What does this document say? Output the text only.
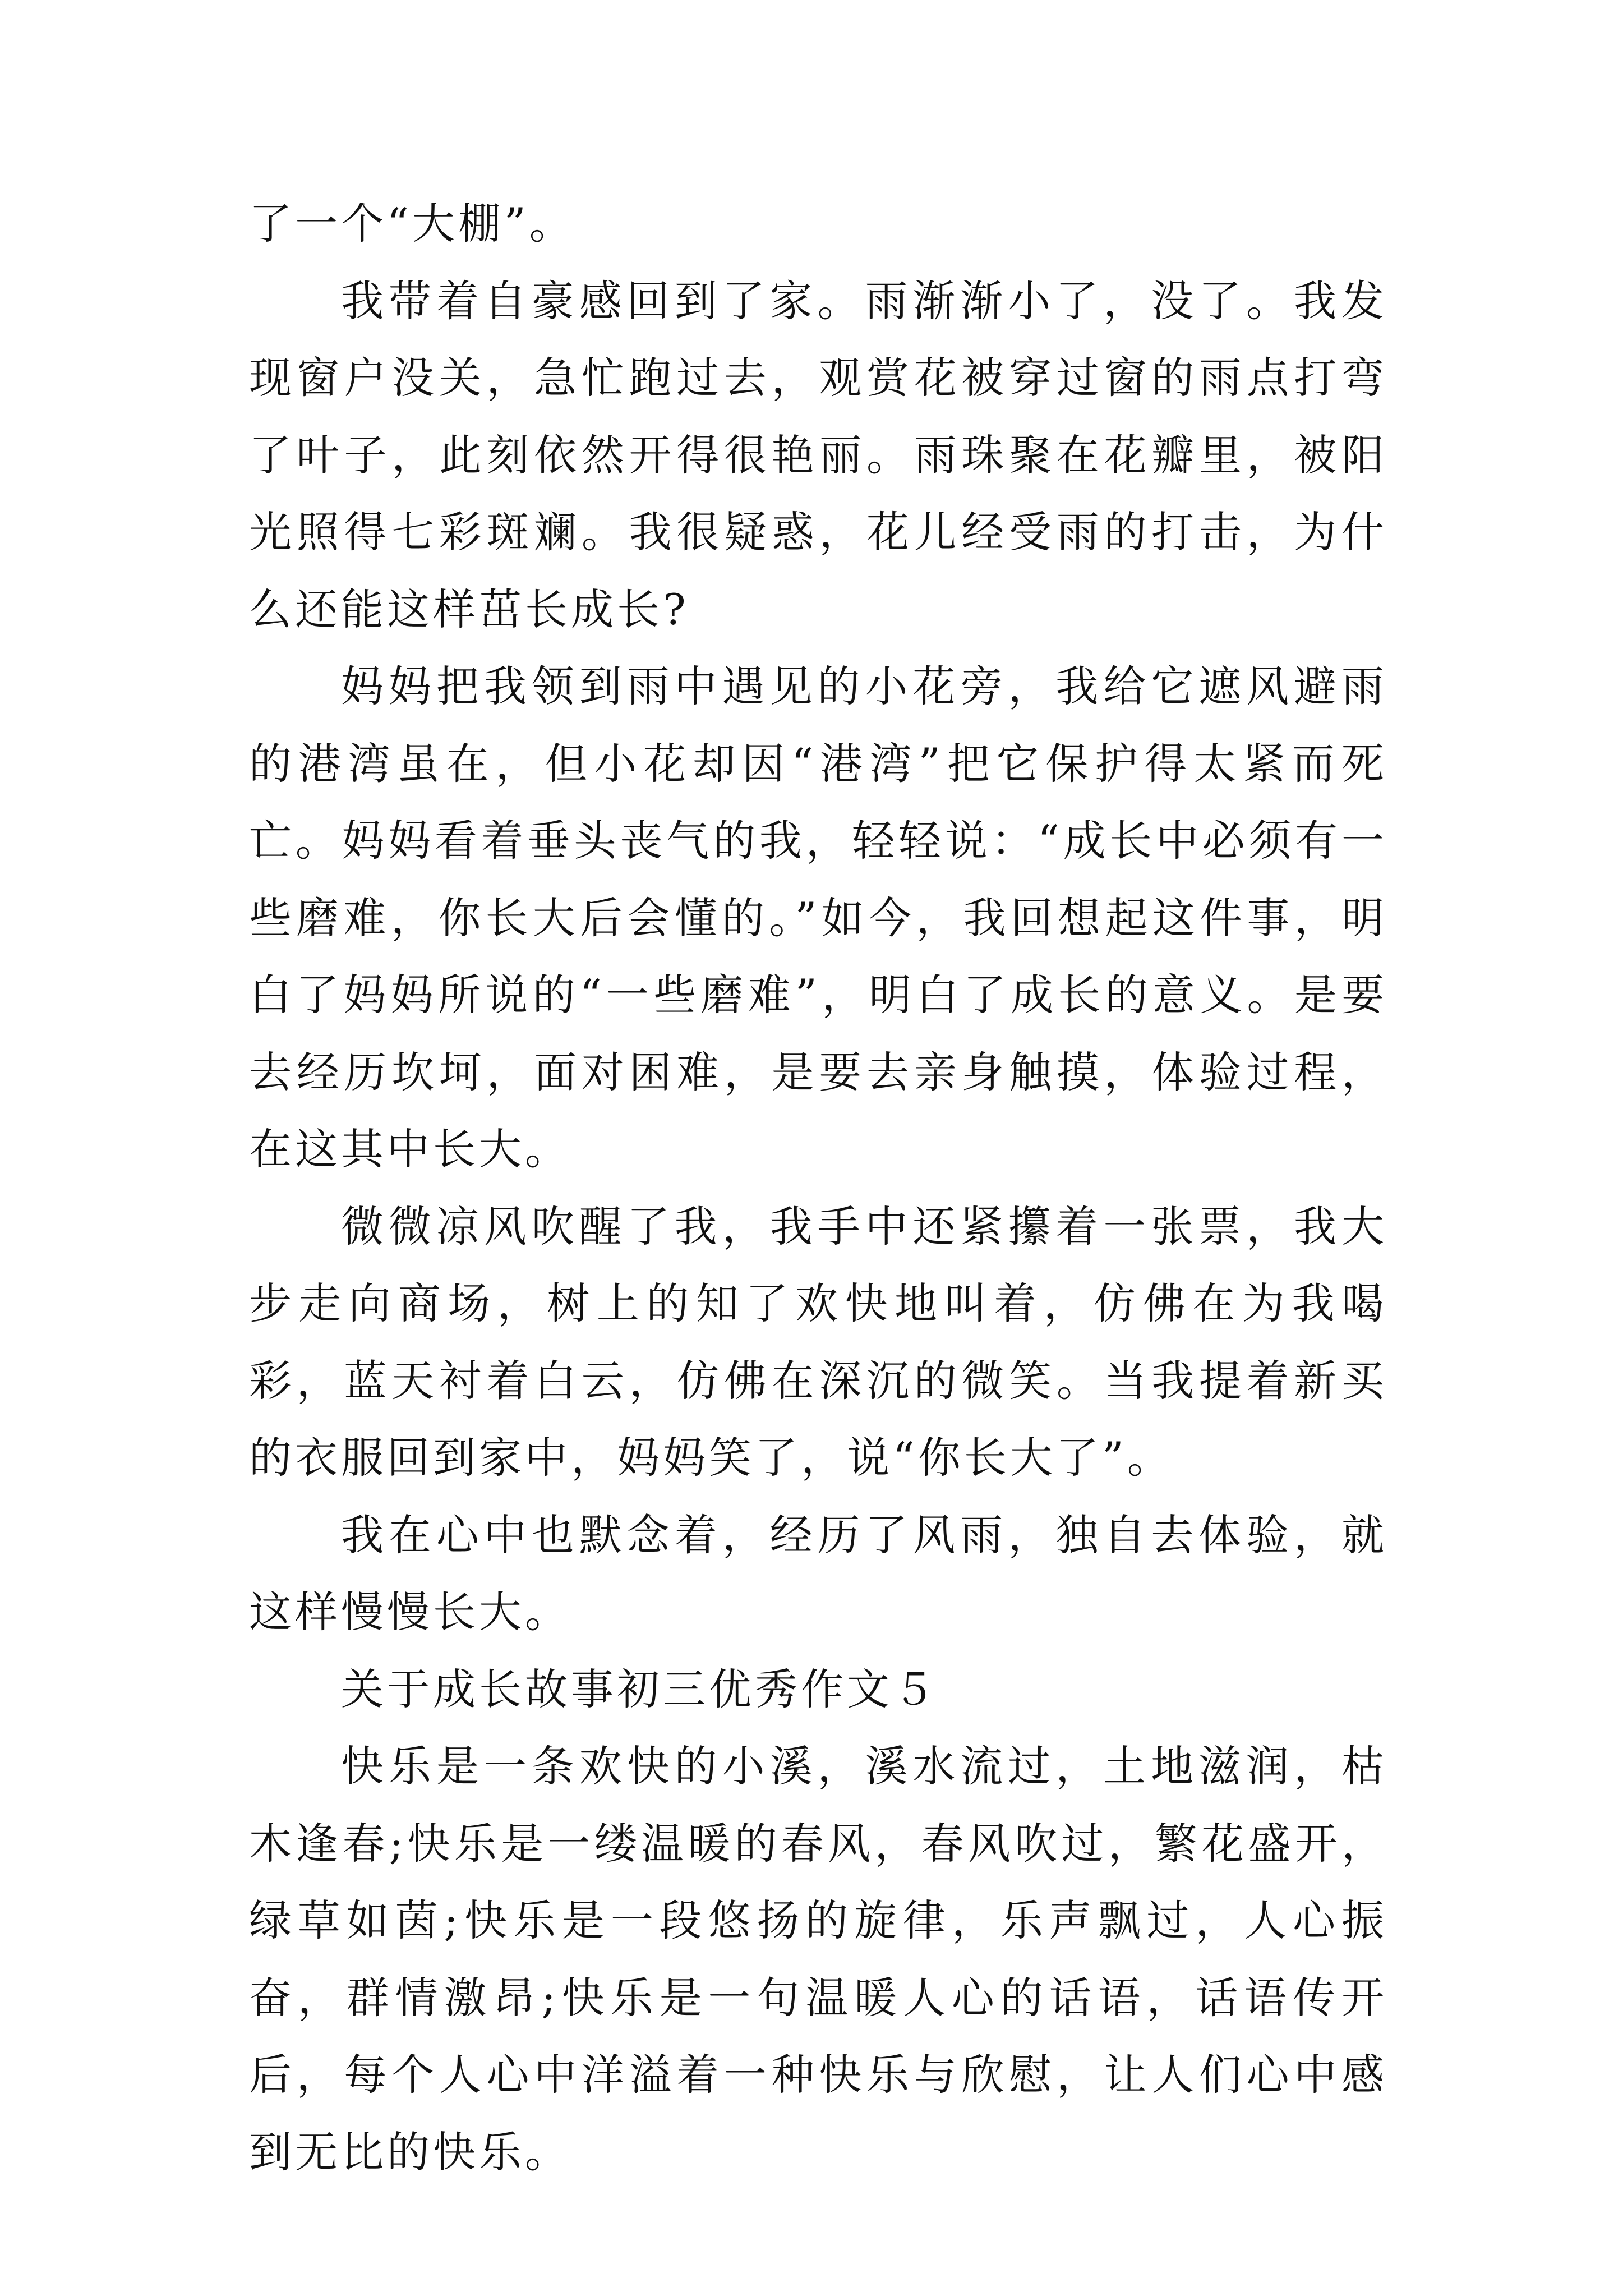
了一个“大棚”。

我带着自豪感回到了家。雨渐渐小了，没了。我发现窗户没关，急忙跑过去，观赏花被穿过窗的雨点打弯了叶子，此刻依然开得很艳丽。雨珠聚在花瓣里，被阳光照得七彩斑斓。我很疑惑，花儿经受雨的打击，为什么还能这样茁长成长?

妈妈把我领到雨中遇见的小花旁，我给它遮风避雨的港湾虽在，但小花却因“港湾”把它保护得太紧而死亡。妈妈看着垂头丧气的我，轻轻说：“成长中必须有一些磨难，你长大后会懂的。”如今，我回想起这件事，明白了妈妈所说的“一些磨难”，明白了成长的意义。是要去经历坎坷，面对困难，是要去亲身触摸，体验过程，在这其中长大。

微微凉风吹醒了我，我手中还紧攥着一张票，我大步走向商场，树上的知了欢快地叫着，仿佛在为我喝彩，蓝天衬着白云，仿佛在深沉的微笑。当我提着新买的衣服回到家中，妈妈笑了，说“你长大了”。

我在心中也默念着，经历了风雨，独自去体验，就这样慢慢长大。

关于成长故事初三优秀作文５

快乐是一条欢快的小溪，溪水流过，土地滋润，枯木逢春;快乐是一缕温暖的春风，春风吹过，繁花盛开，绿草如茵;快乐是一段悠扬的旋律，乐声飘过，人心振奋，群情激昂;快乐是一句温暖人心的话语，话语传开后，每个人心中洋溢着一种快乐与欣慰，让人们心中感到无比的快乐。
